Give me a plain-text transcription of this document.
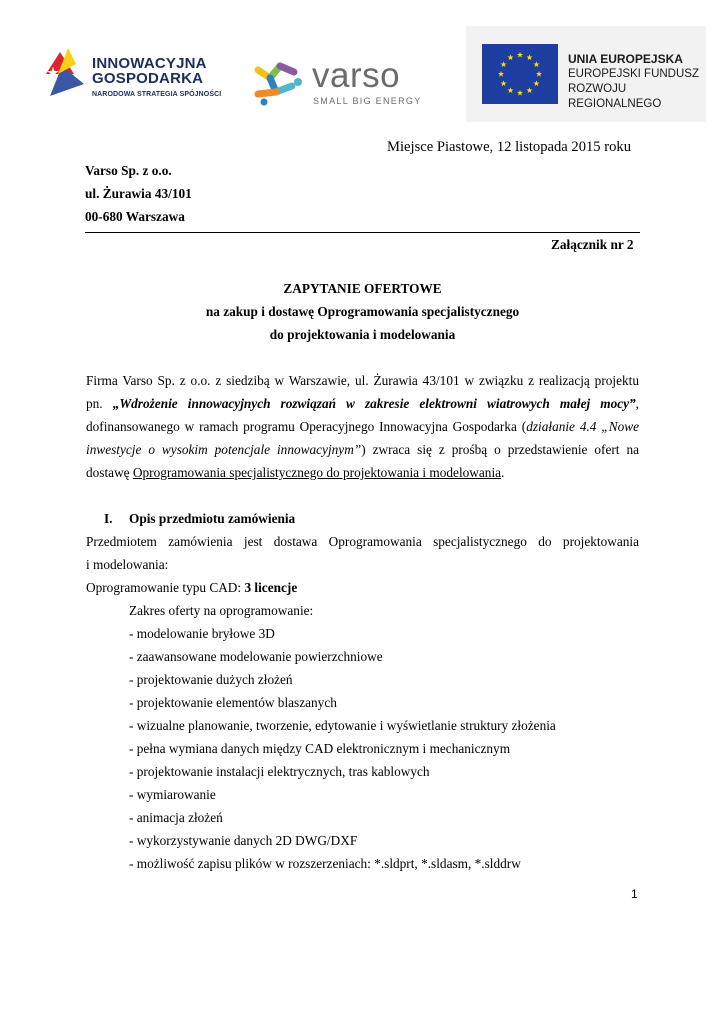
INNOWACYJNA
GOSPODARKA
NARODOWA STRATEGIA SPÓJNOŚCI	varso
SMALL BIG ENERGY
UNIA EUROPEJSKA
EUROPEJSKI FUNDUSZ
ROZWOJU REGIONALNEGO
Miejsce Piastowe, 12 listopada 2015 roku
Varso Sp. z o.o.
ul. Żurawia 43/101
00-680 Warszawa
Załącznik nr 2
ZAPYTANIE OFERTOWE
na zakup i dostawę Oprogramowania specjalistycznego
do projektowania i modelowania
Firma Varso Sp. z o.o. z siedzibą w Warszawie, ul. Żurawia 43/101 w związku z realizacją projektu
pn. „Wdrożenie innowacyjnych rozwiązań w zakresie elektrowni wiatrowych małej mocy”,
dofinansowanego w ramach programu Operacyjnego Innowacyjna Gospodarka (działanie 4.4 „Nowe
inwestycje o wysokim potencjale innowacyjnym”) zwraca się z prośbą o przedstawienie ofert na
dostawę Oprogramowania specjalistycznego do projektowania i modelowania.
I. Opis przedmiotu zamówienia
Przedmiotem zamówienia jest dostawa Oprogramowania specjalistycznego do projektowania
i modelowania:
Oprogramowanie typu CAD: 3 licencje
Zakres oferty na oprogramowanie:
- modelowanie bryłowe 3D
- zaawansowane modelowanie powierzchniowe
- projektowanie dużych złożeń
- projektowanie elementów blaszanych
- wizualne planowanie, tworzenie, edytowanie i wyświetlanie struktury złożenia
- pełna wymiana danych między CAD elektronicznym i mechanicznym
- projektowanie instalacji elektrycznych, tras kablowych
- wymiarowanie
- animacja złożeń
- wykorzystywanie danych 2D DWG/DXF
- możliwość zapisu plików w rozszerzeniach: *.sldprt, *.sldasm, *.slddrw
1
